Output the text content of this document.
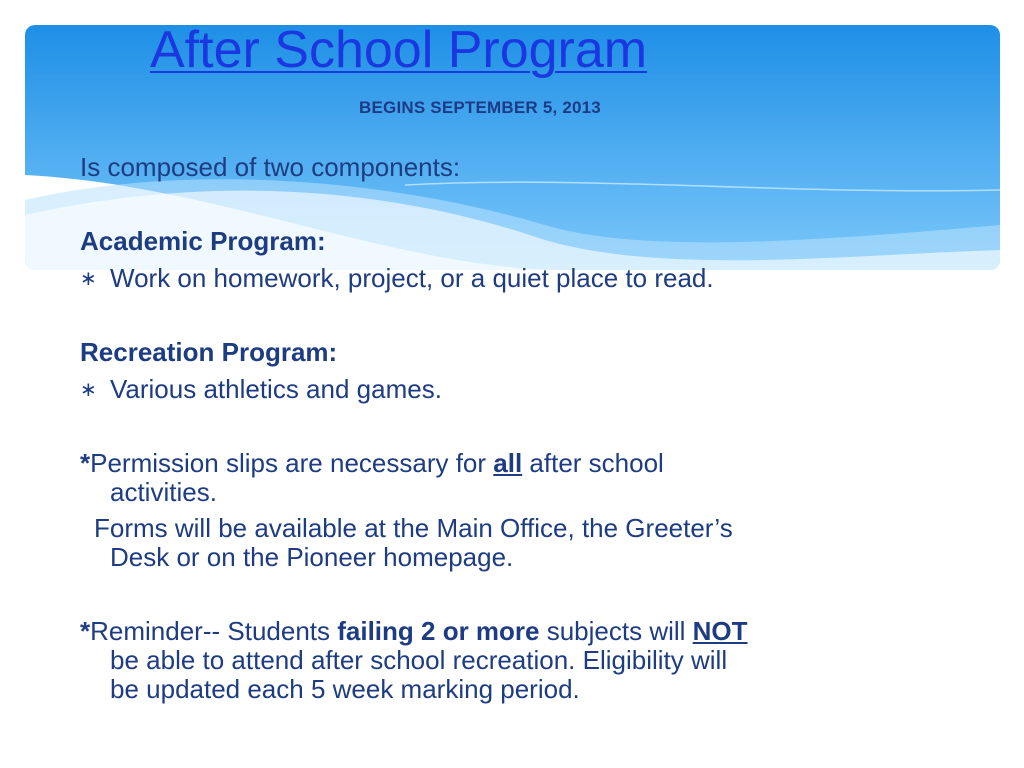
After School Program
BEGINS SEPTEMBER 5, 2013
Is composed of two components:
Academic Program:
∗ Work on homework, project, or a quiet place to read.
Recreation Program:
∗ Various athletics and games.
*Permission slips are necessary for all after school
activities.
Forms will be available at the Main Office, the Greeter’s
Desk or on the Pioneer homepage.
*Reminder-- Students failing 2 or more subjects will NOT
be able to attend after school recreation. Eligibility will
be updated each 5 week marking period.
